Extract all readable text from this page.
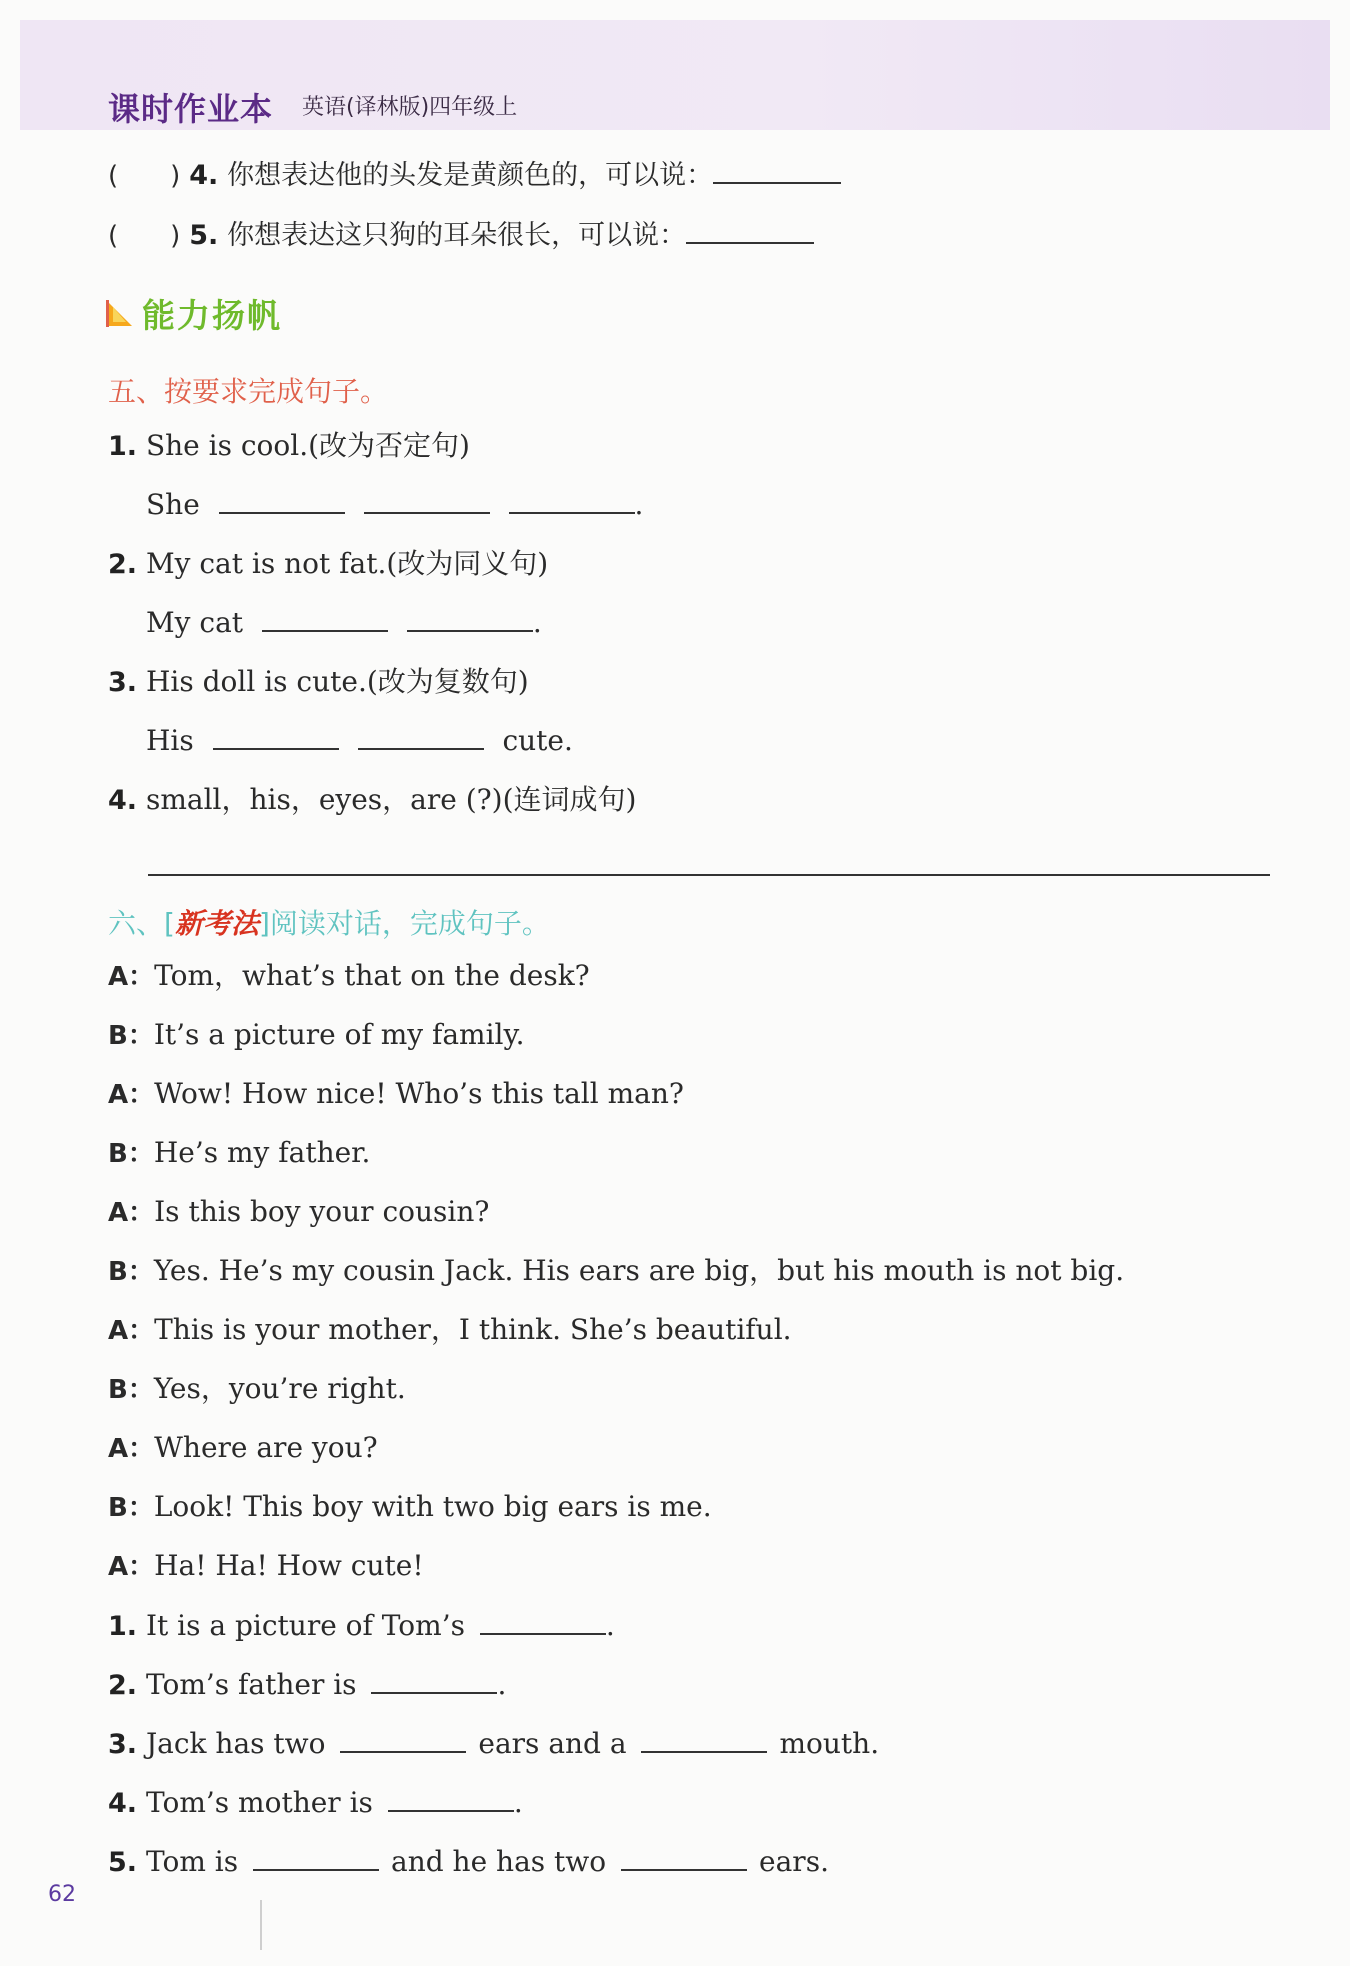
课时作业本 英语(译林版)四年级上
(　　) 4. 你想表达他的头发是黄颜色的，可以说：
(　　) 5. 你想表达这只狗的耳朵很长，可以说：
能力扬帆
五、按要求完成句子。
1. She is cool.(改为否定句)
She	.
2. My cat is not fat.(改为同义句)
My cat	.
3. His doll is cute.(改为复数句)
His	cute.
4. small，his，eyes，are (?)(连词成句)
六、[新考法]阅读对话，完成句子。
A：Tom，what’s that on the desk?
B：It’s a picture of my family.
A：Wow! How nice! Who’s this tall man?
B：He’s my father.
A：Is this boy your cousin?
B：Yes. He’s my cousin Jack. His ears are big，but his mouth is not big.
A：This is your mother，I think. She’s beautiful.
B：Yes，you’re right.
A：Where are you?
B：Look! This boy with two big ears is me.
A：Ha! Ha! How cute!
1. It is a picture of Tom’s	.
2. Tom’s father is	.
3. Jack has two	ears and a	mouth.
4. Tom’s mother is	.
5. Tom is	and he has two	ears.
62
